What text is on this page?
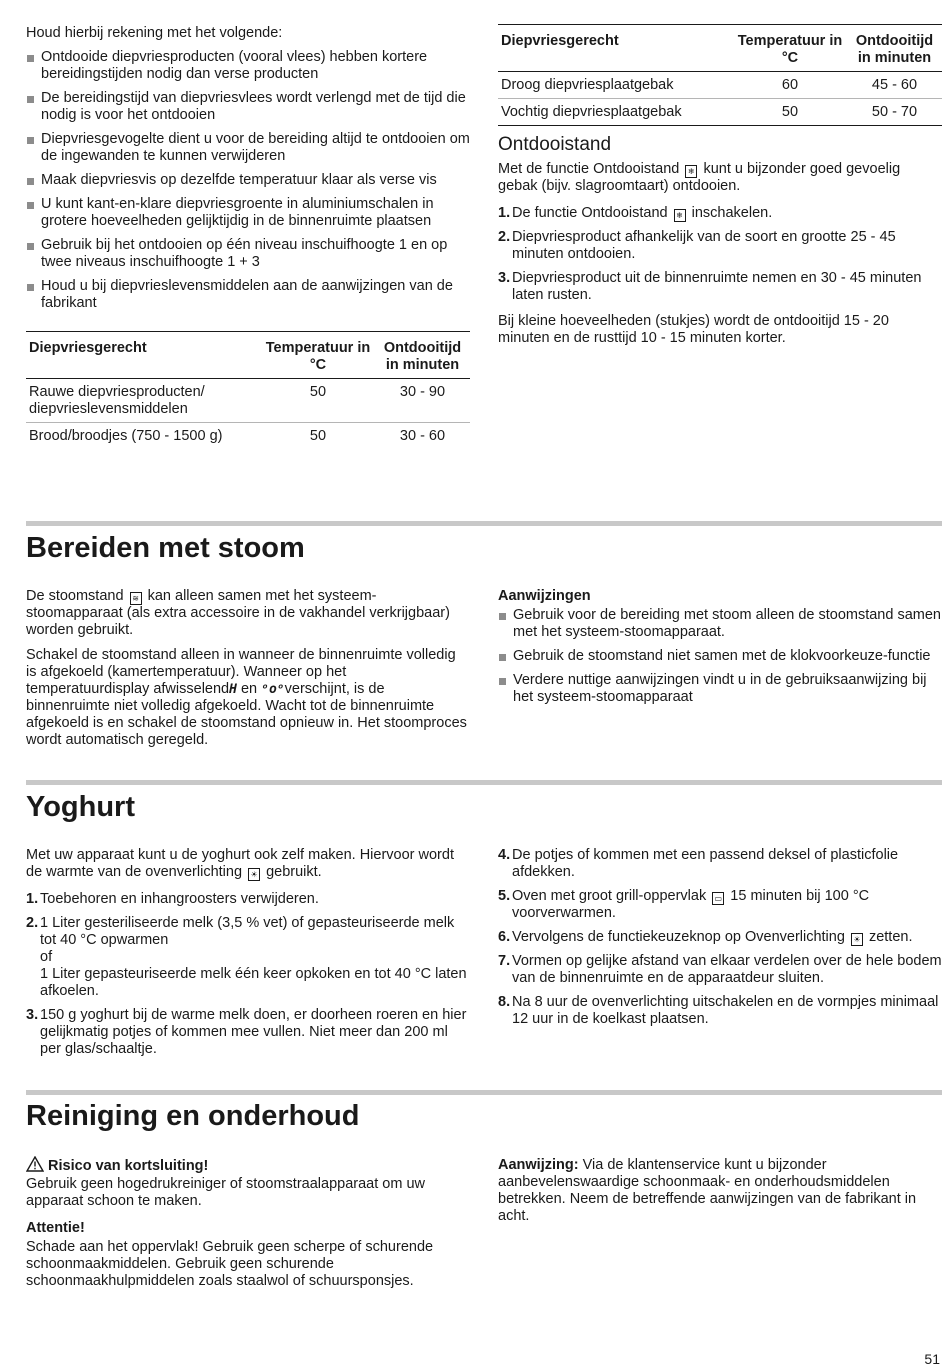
Houd hierbij rekening met het volgende:

Ontdooide diepvriesproducten (vooral vlees) hebben kortere bereidingstijden nodig dan verse producten
De bereidingstijd van diepvriesvlees wordt verlengd met de tijd die nodig is voor het ontdooien
Diepvriesgevogelte dient u voor de bereiding altijd te ontdooien om de ingewanden te kunnen verwijderen
Maak diepvriesvis op dezelfde temperatuur klaar als verse vis
U kunt kant-en-klare diepvriesgroente in aluminiumschalen in grotere hoeveelheden gelijktijdig in de binnenruimte plaatsen
Gebruik bij het ontdooien op één niveau inschuifhoogte 1 en op twee niveaus inschuifhoogte 1 + 3
Houd u bij diepvrieslevensmiddelen aan de aanwijzingen van de fabrikant
Diepvriesgerecht	Temperatuur in °C	Ontdooitijd in minuten
Rauwe diepvriesproducten/ diepvrieslevensmiddelen	50	30 - 90
Brood/broodjes (750 - 1500 g)	50	30 - 60
Diepvriesgerecht	Temperatuur in °C	Ontdooitijd in minuten
Droog diepvriesplaatgebak	60	45 - 60
Vochtig diepvriesplaatgebak	50	50 - 70
Ontdooistand

Met de functie Ontdooistand ❄ kunt u bijzonder goed gevoelig gebak (bijv. slagroomtaart) ontdooien.

1. De functie Ontdooistand ❄ inschakelen.
2. Diepvriesproduct afhankelijk van de soort en grootte 25 - 45 minuten ontdooien.
3. Diepvriesproduct uit de binnenruimte nemen en 30 - 45 minuten laten rusten.

Bij kleine hoeveelheden (stukjes) wordt de ontdooitijd 15 - 20 minuten en de rusttijd 10 - 15 minuten korter.

Bereiden met stoom

De stoomstand ≋ kan alleen samen met het systeem-stoomapparaat (als extra accessoire in de vakhandel verkrijgbaar) worden gebruikt.

Schakel de stoomstand alleen in wanneer de binnenruimte volledig is afgekoeld (kamertemperatuur). Wanneer op het temperatuurdisplay afwisselendH en ᵒoᵒverschijnt, is de binnenruimte niet volledig afgekoeld. Wacht tot de binnenruimte afgekoeld is en schakel de stoomstand opnieuw in. Het stoomproces wordt automatisch geregeld.

Aanwijzingen

Gebruik voor de bereiding met stoom alleen de stoomstand samen met het systeem-stoomapparaat.
Gebruik de stoomstand niet samen met de klokvoorkeuze-functie
Verdere nuttige aanwijzingen vindt u in de gebruiksaanwijzing bij het systeem-stoomapparaat
Yoghurt

Met uw apparaat kunt u de yoghurt ook zelf maken. Hiervoor wordt de warmte van de ovenverlichting ☀ gebruikt.

1. Toebehoren en inhangroosters verwijderen.
2. 1 Liter gesteriliseerde melk (3,5 % vet) of gepasteuriseerde melk tot 40 °C opwarmen
of
1 Liter gepasteuriseerde melk één keer opkoken en tot 40 °C laten afkoelen.
3. 150 g yoghurt bij de warme melk doen, er doorheen roeren en hier gelijkmatig potjes of kommen mee vullen. Niet meer dan 200 ml per glas/schaaltje.
4. De potjes of kommen met een passend deksel of plasticfolie afdekken.
5. Oven met groot grill-oppervlak ▭ 15 minuten bij 100 °C voorverwarmen.
6. Vervolgens de functiekeuzeknop op Ovenverlichting ☀ zetten.
7. Vormen op gelijke afstand van elkaar verdelen over de hele bodem van de binnenruimte en de apparaatdeur sluiten.
8. Na 8 uur de ovenverlichting uitschakelen en de vormpjes minimaal 12 uur in de koelkast plaatsen.
Reiniging en onderhoud

Risico van kortsluiting!

Gebruik geen hogedrukreiniger of stoomstraalapparaat om uw apparaat schoon te maken.

Attentie!

Schade aan het oppervlak! Gebruik geen scherpe of schurende schoonmaakmiddelen. Gebruik geen schurende schoonmaakhulpmiddelen zoals staalwol of schuursponsjes.

Aanwijzing: Via de klantenservice kunt u bijzonder aanbevelenswaardige schoonmaak- en onderhoudsmiddelen betrekken. Neem de betreffende aanwijzingen van de fabrikant in acht.

51
